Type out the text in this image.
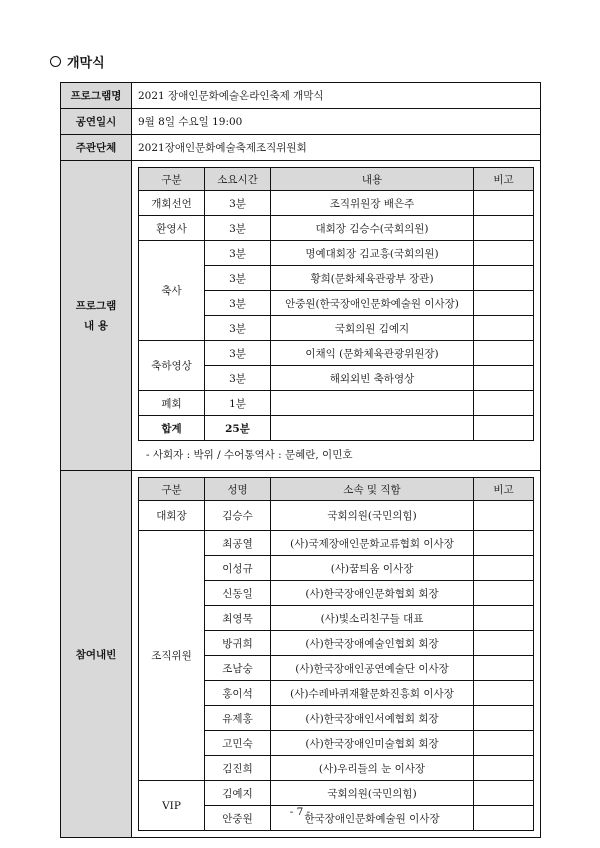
개막식
프로그램명	2021 장애인문화예술온라인축제 개막식
공연일시	9월 8일 수요일 19:00
주관단체	2021장애인문화예술축제조직위원회

프로그램
내 용

구분	소요시간	내용	비고
개회선언	3분	조직위원장 배은주	
환영사	3분	대회장 김승수(국회의원)	
축사	3분	명예대회장 김교흥(국회의원)	
3분	황희(문화체육관광부 장관)	
3분	안중원(한국장애인문화예술원 이사장)	
3분	국회의원 김예지	
축하영상	3분	이채익 (문화체육관광위원장)	
3분	해외외빈 축하영상	
폐회	1분		
합계	25분		
- 사회자 : 박위 / 수어통역사 : 문혜란, 이민호

참여내빈	
구분	성명	소속 및 직함	비고
대회장	김승수	국회의원(국민의힘)	
조직위원	최공열	(사)국제장애인문화교류협회 이사장	
이성규	(사)꿈틔움 이사장	
신동일	(사)한국장애인문화협회 회장	
최영묵	(사)빛소리친구들 대표	
방귀희	(사)한국장애예술인협회 회장	
조남숭	(사)한국장애인공연예술단 이사장	
홍이석	(사)수레바퀴재활문화진흥회 이사장	
유제홍	(사)한국장애인서예협회 회장	
고민숙	(사)한국장애인미술협회 회장	
김진희	(사)우리들의 눈 이사장	
VIP	김예지	국회의원(국민의힘)	
안중원	한국장애인문화예술원 이사장	
- 7 -
